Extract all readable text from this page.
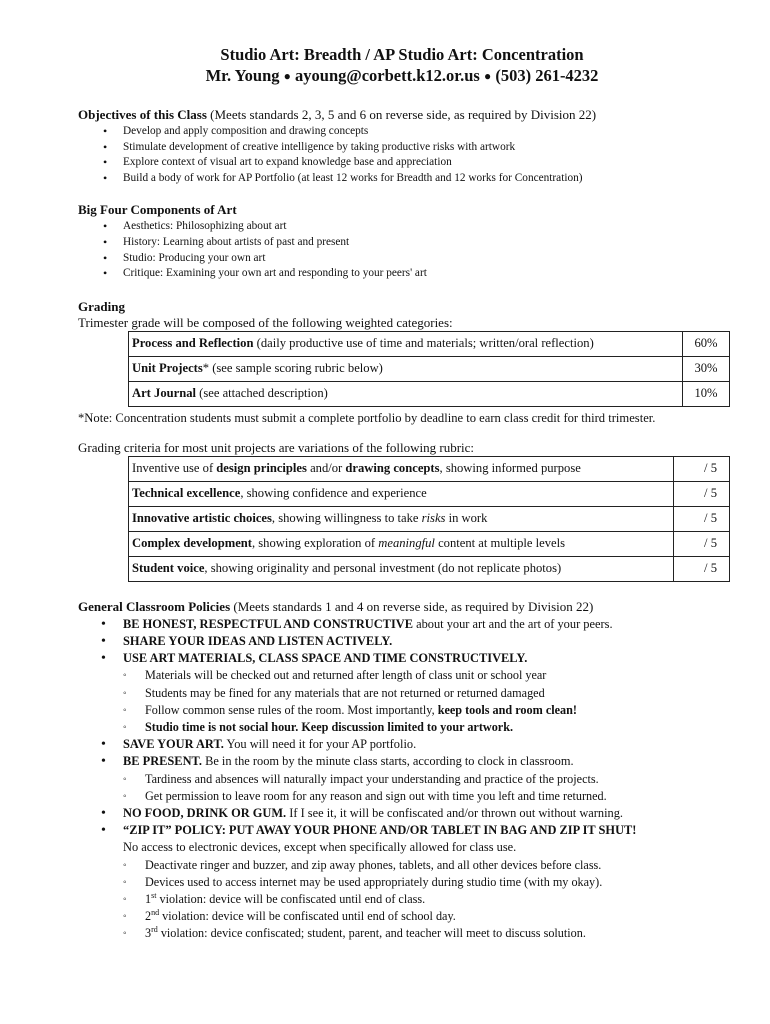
Studio Art: Breadth / AP Studio Art: Concentration
Mr. Young ● ayoung@corbett.k12.or.us ● (503) 261-4232
Objectives of this Class (Meets standards 2, 3, 5 and 6 on reverse side, as required by Division 22)
• Develop and apply composition and drawing concepts
• Stimulate development of creative intelligence by taking productive risks with artwork
• Explore context of visual art to expand knowledge base and appreciation
• Build a body of work for AP Portfolio (at least 12 works for Breadth and 12 works for Concentration)
Big Four Components of Art
• Aesthetics: Philosophizing about art
• History: Learning about artists of past and present
• Studio: Producing your own art
• Critique: Examining your own art and responding to your peers' art
Grading
Trimester grade will be composed of the following weighted categories:
Process and Reflection (daily productive use of time and materials; written/oral reflection)	60%
Unit Projects* (see sample scoring rubric below)	30%
Art Journal (see attached description)	10%
*Note: Concentration students must submit a complete portfolio by deadline to earn class credit for third trimester.
Grading criteria for most unit projects are variations of the following rubric:
Inventive use of design principles and/or drawing concepts, showing informed purpose	/ 5
Technical excellence, showing confidence and experience	/ 5
Innovative artistic choices, showing willingness to take risks in work	/ 5
Complex development, showing exploration of meaningful content at multiple levels	/ 5
Student voice, showing originality and personal investment (do not replicate photos)	/ 5
General Classroom Policies (Meets standards 1 and 4 on reverse side, as required by Division 22)
• BE HONEST, RESPECTFUL AND CONSTRUCTIVE about your art and the art of your peers.
• SHARE YOUR IDEAS AND LISTEN ACTIVELY.
• USE ART MATERIALS, CLASS SPACE AND TIME CONSTRUCTIVELY.
◦ Materials will be checked out and returned after length of class unit or school year
◦ Students may be fined for any materials that are not returned or returned damaged
◦ Follow common sense rules of the room. Most importantly, keep tools and room clean!
◦ Studio time is not social hour. Keep discussion limited to your artwork.
• SAVE YOUR ART. You will need it for your AP portfolio.
• BE PRESENT. Be in the room by the minute class starts, according to clock in classroom.
◦ Tardiness and absences will naturally impact your understanding and practice of the projects.
◦ Get permission to leave room for any reason and sign out with time you left and time returned.
• NO FOOD, DRINK OR GUM. If I see it, it will be confiscated and/or thrown out without warning.
• “ZIP IT” POLICY: PUT AWAY YOUR PHONE AND/OR TABLET IN BAG AND ZIP IT SHUT!
No access to electronic devices, except when specifically allowed for class use.
◦ Deactivate ringer and buzzer, and zip away phones, tablets, and all other devices before class.
◦ Devices used to access internet may be used appropriately during studio time (with my okay).
◦ 1st violation: device will be confiscated until end of class.
◦ 2nd violation: device will be confiscated until end of school day.
◦ 3rd violation: device confiscated; student, parent, and teacher will meet to discuss solution.
